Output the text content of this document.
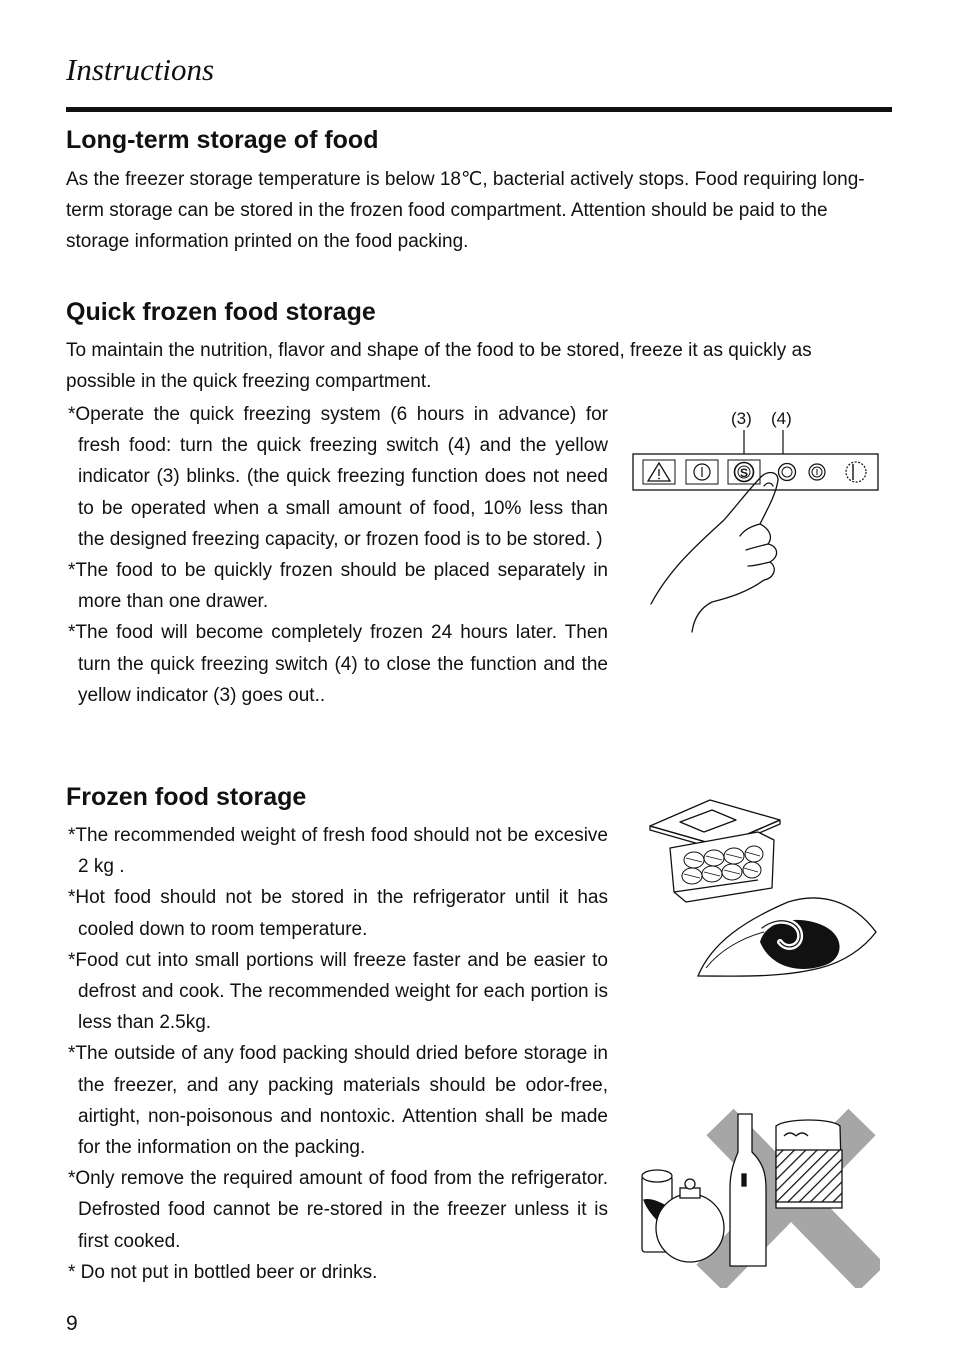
Instructions
Long-term storage of food

As the freezer storage temperature is below 18℃, bacterial actively stops. Food requiring long-term storage can be stored in the frozen food compartment. Attention should be paid to the storage information printed on the food packing.

Quick frozen food storage

To maintain the nutrition, flavor and shape of the food to be stored, freeze it as quickly as possible in the quick freezing compartment.

*Operate the quick freezing system (6 hours in advance) for fresh food: turn the quick freezing switch (4) and the yellow indicator (3) blinks. (the quick freezing function does not need to be operated when a small amount of food, 10% less than the designed freezing capacity, or frozen food is to be stored. )
*The food to be quickly frozen should be placed separately in more than one drawer.
*The food will become completely frozen 24 hours later. Then turn the quick freezing switch (4) to close the function and the yellow indicator (3) goes out..
(3) (4)
S
Frozen food storage
*The recommended weight of fresh food should not be excesive 2 kg .
*Hot food should not be stored in the refrigerator until it has cooled down to room temperature.
*Food cut into small portions will freeze faster and be easier to defrost and cook. The recommended weight for each portion is less than 2.5kg.
*The outside of any food packing should dried before storage in the freezer, and any packing materials should be odor-free, airtight, non-poisonous and nontoxic. Attention shall be made for the information on the packing.
*Only remove the required amount of food from the refrigerator. Defrosted food cannot be re-stored in the freezer unless it is first cooked.
* Do not put in bottled beer or drinks.
9
